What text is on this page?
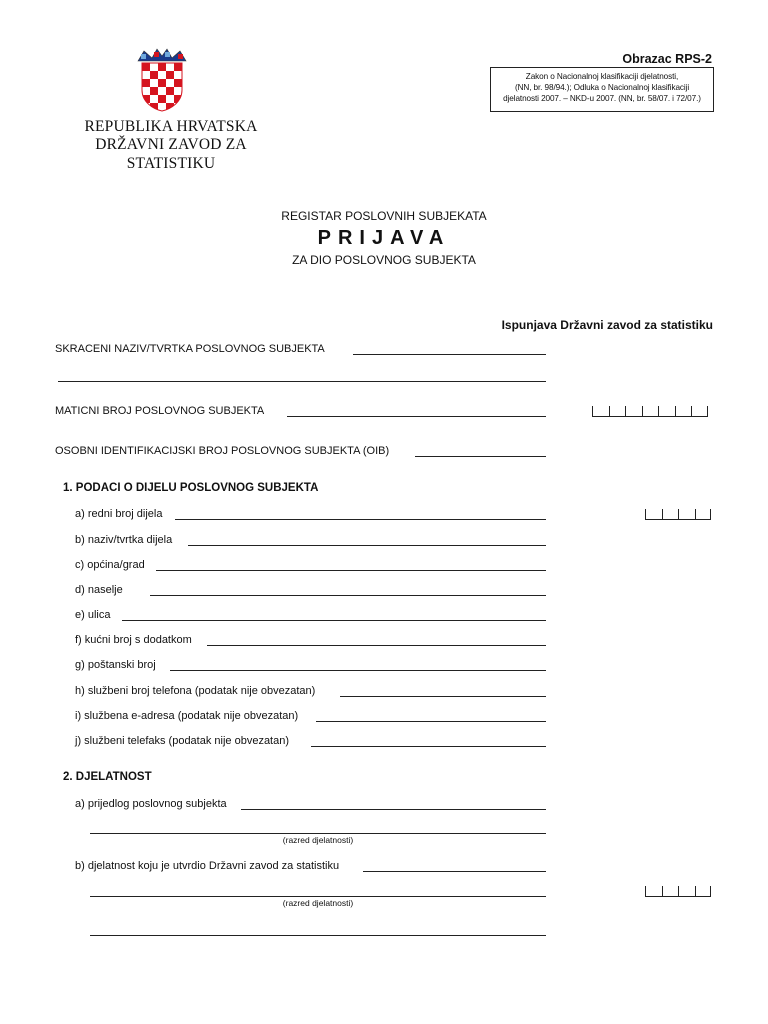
REPUBLIKA HRVATSKA
DRŽAVNI ZAVOD ZA STATISTIKU
Obrazac RPS-2
Zakon o Nacionalnoj klasifikaciji djelatnosti,
(NN, br. 98/94.); Odluka o Nacionalnoj klasifikaciji
djelatnosti 2007. – NKD-u 2007. (NN, br. 58/07. i 72/07.)
REGISTAR POSLOVNIH SUBJEKATA
PRIJAVA
ZA DIO POSLOVNOG SUBJEKTA
Ispunjava Državni zavod za statistiku
SKRACENI NAZIV/TVRTKA POSLOVNOG SUBJEKTA
MATICNI BROJ POSLOVNOG SUBJEKTA
OSOBNI IDENTIFIKACIJSKI BROJ POSLOVNOG SUBJEKTA (OIB)
1. PODACI O DIJELU POSLOVNOG SUBJEKTA
a) redni broj dijela
b) naziv/tvrtka dijela
c) općina/grad
d) naselje
e) ulica
f) kućni broj s dodatkom
g) poštanski broj
h) službeni broj telefona (podatak nije obvezatan)
i) službena e-adresa (podatak nije obvezatan)
j) službeni telefaks (podatak nije obvezatan)
2. DJELATNOST
a) prijedlog poslovnog subjekta
(razred djelatnosti)
b) djelatnost koju je utvrdio Državni zavod za statistiku
(razred djelatnosti)
